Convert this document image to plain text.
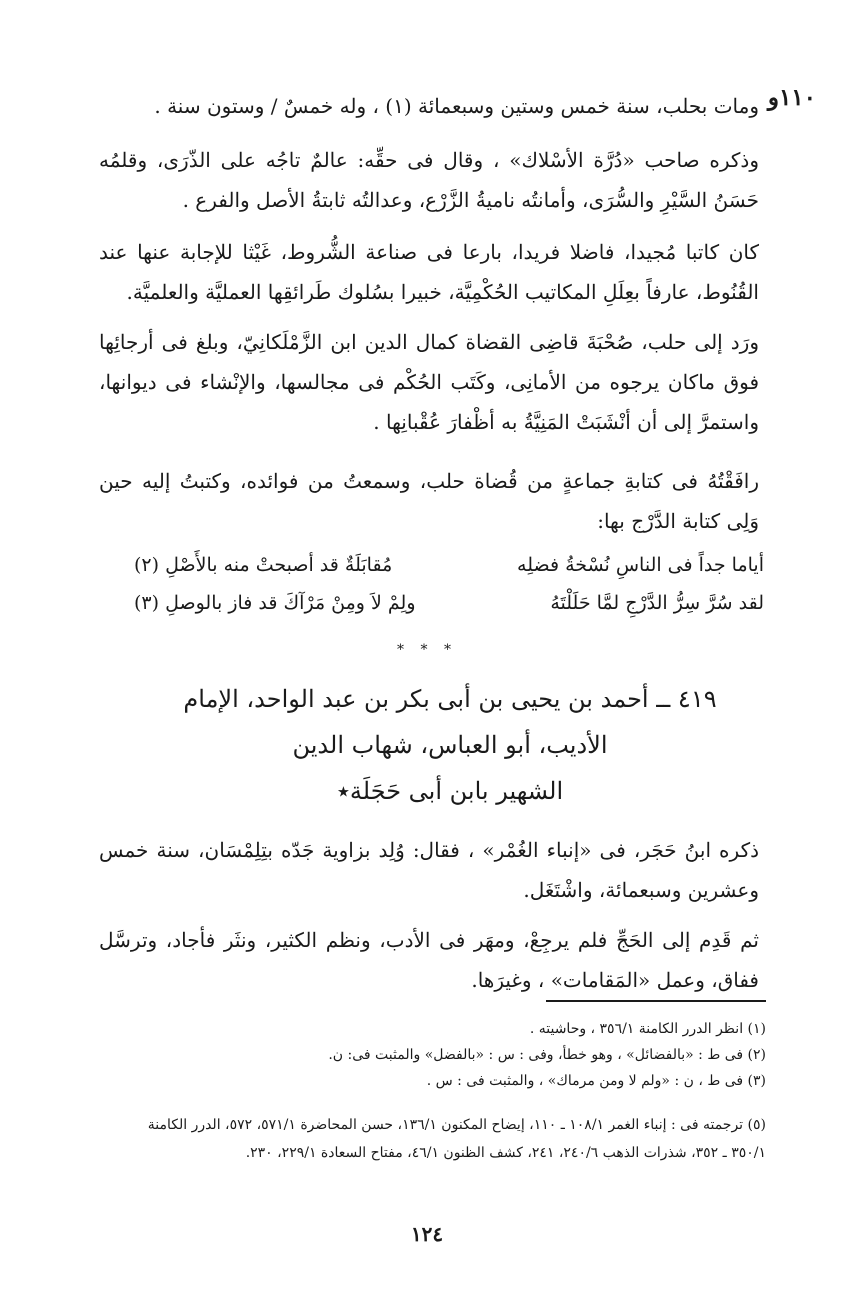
١١٠و
ومات بحلب، سنة خمس وستين وسبعمائة (١) ، وله خمسٌ / وستون سنة .
وذكره صاحب «دُرَّة الأسْلاك» ، وقال فى حقِّه: عالمٌ تاجُه على الذّرَى، وقلمُه حَسَنُ السَّيْرِ والسُّرَى، وأمانتُه ناميةُ الزَّرْع، وعدالتُه ثابتةُ الأصل والفرع .
كان كاتبا مُجيدا، فاضلا فريدا، بارعا فى صناعة الشُّروط، غَيْثا للإجابة عنها عند القُنُوط، عارفاً بعِلَلِ المكاتيب الحُكْمِيَّة، خبيرا بسُلوك طَرائقِها العمليَّة والعلميَّة.
ورَد إلى حلب، صُحْبَةَ قاضِى القضاة كمال الدين ابن الزَّمْلَكانِيّ، وبلغ فى أرجائِها فوق ماكان يرجوه من الأمانِى، وكَتَب الحُكْم فى مجالسها، والإنْشاء فى ديوانها، واستمرَّ إلى أن أنْشَبَتْ المَنِيَّةُ به أظْفارَ عُقْبانِها .
رافَقْتُهُ فى كتابةِ جماعةٍ من قُضاة حلب، وسمعتُ من فوائده، وكتبتُ إليه حين وَلِى كتابة الدَّرْج بها:
أياما جداً فى الناسِ نُسْخةُ فضلِه
مُقابَلَةٌ قد أصبحتْ منه بالأَصْلِ (٢)
لقد سُرَّ سِرُّ الدَّرْجِ لمَّا حَلَلْتَهُ
ولِمْ لاَ ومِنْ مَرْآكَ قد فاز بالوصلِ (٣)
* * *
٤١٩ ــ أحمد بن يحيى بن أبى بكر بن عبد الواحد، الإمام
الأديب، أبو العباس، شهاب الدين
الشهير بابن أبى حَجَلَة٭
ذكره ابنُ حَجَر، فى «إنباء الغُمْر» ، فقال: وُلِد بزاوية جَدّه بتِلِمْسَان، سنة خمس وعشرين وسبعمائة، واشْتَغَل.
ثم قَدِم إلى الحَجِّ فلم يرجِعْ، ومهَر فى الأدب، ونظم الكثير، ونثَر فأجاد، وترسَّل ففاق، وعمل «المَقامات» ، وغيرَها.
(١) انظر الدرر الكامنة ٣٥٦/١ ، وحاشيته .
(٢) فى ط : «بالفضائل» ، وهو خطأ، وفى : س : «بالفضل» والمثبت فى: ن.
(٣) فى ط ، ن : «ولم لا ومن مرماك» ، والمثبت فى : س .
(٥) ترجمته فى : إنباء الغمر ١٠٨/١ ـ ١١٠، إيضاح المكنون ١٣٦/١، حسن المحاضرة ٥٧١/١، ٥٧٢، الدرر الكامنة
٣٥٠/١ ـ ٣٥٢، شذرات الذهب ٢٤٠/٦، ٢٤١، كشف الظنون ٤٦/١، مفتاح السعادة ٢٢٩/١، ٢٣٠.
١٢٤
